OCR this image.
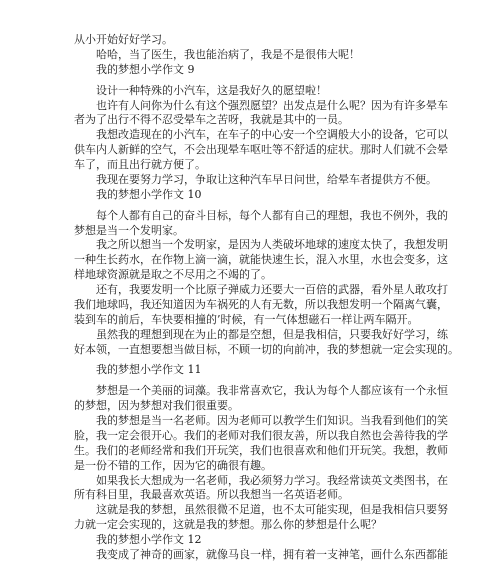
从小开始好好学习。
哈哈，当了医生，我也能治病了，我是不是很伟大呢！
我的梦想小学作文 9
设计一种特殊的小汽车，这是我好久的愿望啦！
也许有人问你为什么有这个强烈愿望？出发点是什么呢？因为有许多晕车
者为了出行不得不忍受晕车之苦呀，我就是其中的一员。
我想改造现在的小汽车，在车子的中心安一个空调般大小的设备，它可以
供车内人新鲜的空气，不会出现晕车呕吐等不舒适的症状。那时人们就不会晕
车了，而且出行就方便了。
我现在要努力学习，争取让这种汽车早日问世，给晕车者提供方不便。
我的梦想小学作文 10
每个人都有自己的奋斗目标，每个人都有自己的理想，我也不例外，我的
梦想是当一个发明家。
我之所以想当一个发明家，是因为人类破坏地球的速度太快了，我想发明
一种生长药水，在作物上滴一滴，就能快速生长，混入水里，水也会变多，这
样地球资源就是取之不尽用之不竭的了。
还有，我要发明一个比原子弹威力还要大一百倍的武器，看外星人敢攻打
我们地球吗，我还知道因为车祸死的人有无数，所以我想发明一个隔离气囊，
装到车的前后，车快要相撞的’时候，有一气体想磁石一样让两车隔开。
虽然我的理想到现在为止的都是空想，但是我相信，只要我好好学习，练
好本领，一直想要想当做目标，不顾一切的向前冲，我的梦想就一定会实现的。
我的梦想小学作文 11
梦想是一个美丽的词藻。我非常喜欢它，我认为每个人都应该有一个永恒
的梦想，因为梦想对我们很重要。
我的梦想是当一名老师。因为老师可以教学生们知识。当我看到他们的笑
脸，我一定会很开心。我们的老师对我们很友善，所以我自然也会善待我的学
生。我们的老师经常和我们开玩笑，我们也很喜欢和他们开玩笑。我想，教师
是一份不错的工作，因为它的确很有趣。
如果我长大想成为一名老师，我必须努力学习。我经常读英文类图书，在
所有科目里，我最喜欢英语。所以我想当一名英语老师。
这就是我的梦想，虽然很微不足道，也不太可能实现，但是我相信只要努
力就一定会实现的，这就是我的梦想。那么你的梦想是什么呢？
我的梦想小学作文 12
我变成了神奇的画家，就像马良一样，拥有着一支神笔，画什么东西都能
